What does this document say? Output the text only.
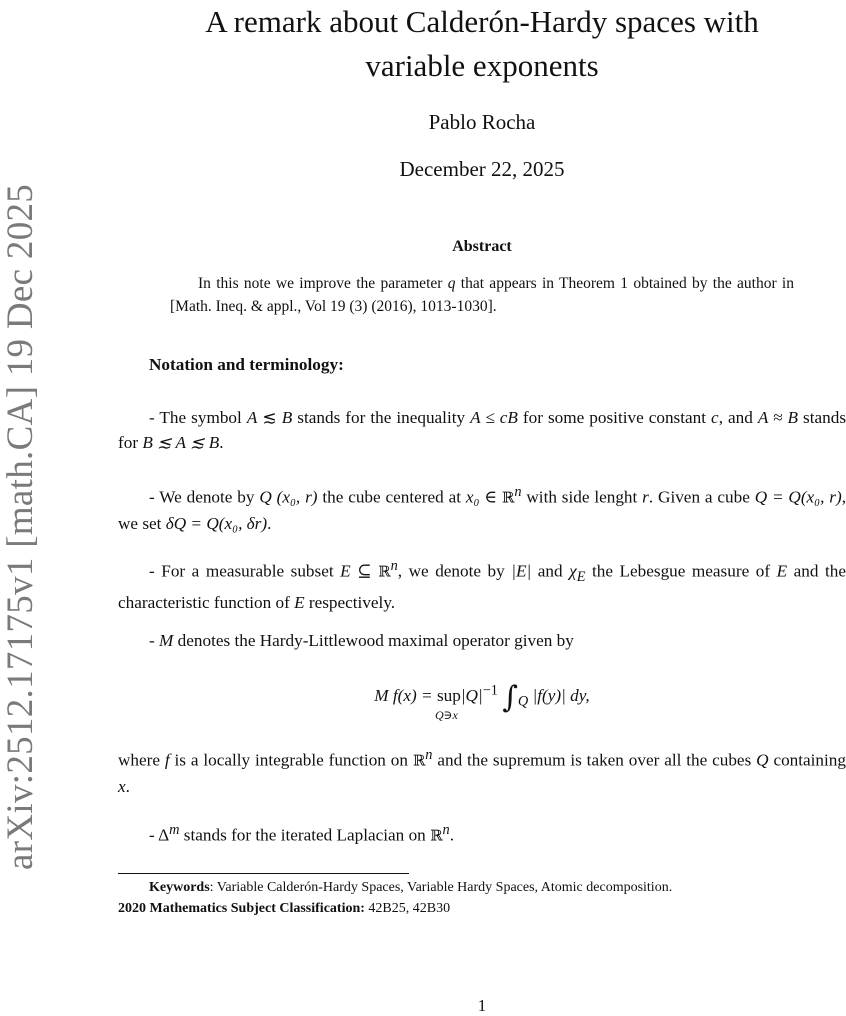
arXiv:2512.17175v1 [math.CA] 19 Dec 2025
A remark about Calderón-Hardy spaces with
variable exponents
Pablo Rocha
December 22, 2025
Abstract
In this note we improve the parameter q that appears in Theorem 1 obtained by the author in [Math. Ineq. & appl., Vol 19 (3) (2016), 1013-1030].
Notation and terminology:
- The symbol A ≲ B stands for the inequality A ≤ cB for some positive constant c, and A ≈ B stands for B ≲ A ≲ B.
- We denote by Q (x₀, r) the cube centered at x₀ ∈ ℝ$^n$ with side lenght r. Given a cube Q = Q(x₀, r), we set δQ = Q(x₀, δr).
- For a measurable subset E ⊆ ℝ$^n$, we denote by |E| and $\chi_E$ the Lebesgue measure of E and the characteristic function of E respectively.
- M denotes the Hardy-Littlewood maximal operator given by
M f(x) = sup
Q∋x
$|Q|^{-1}$ $\int_Q$ |f(y)| dy,
where f is a locally integrable function on ℝ$^n$ and the supremum is taken over all the cubes Q containing x.
- $\Delta^m$ stands for the iterated Laplacian on ℝ$^n$.
Keywords: Variable Calderón-Hardy Spaces, Variable Hardy Spaces, Atomic decomposition.
2020 Mathematics Subject Classification: 42B25, 42B30
1
